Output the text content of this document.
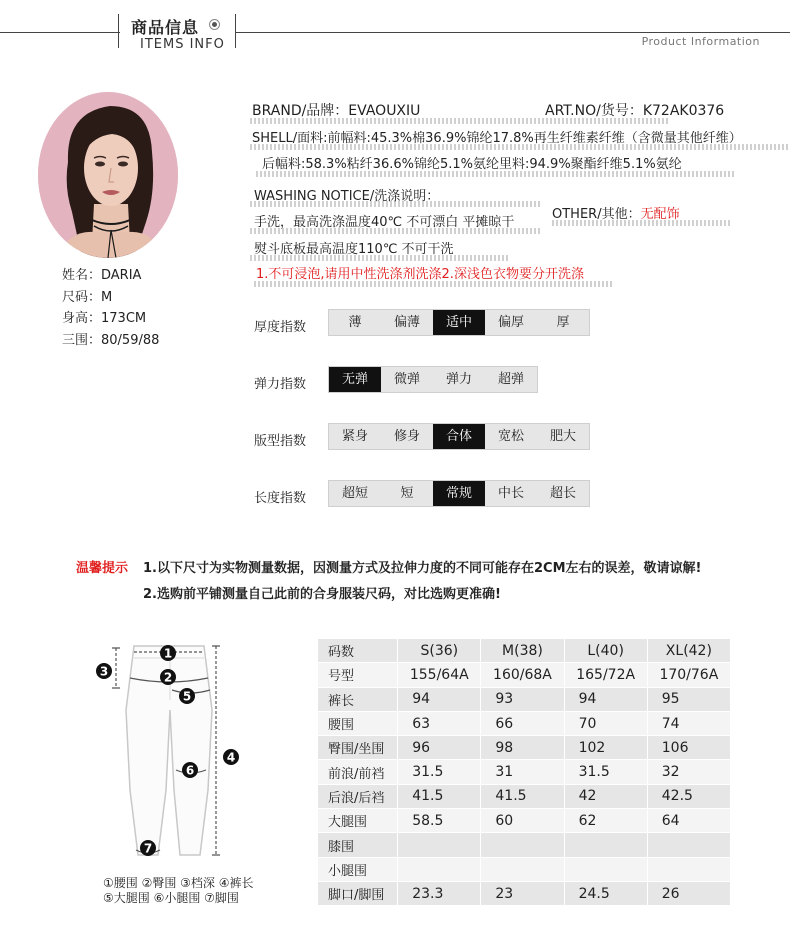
商品信息
ITEMS INFO	Product Information
姓名：DARIA
尺码：M
身高：173CM
三围：80/59/88
BRAND/品牌：EVAOUXIU	ART.NO/货号：K72AK0376
SHELL/面料:前幅料:45.3%棉36.9%锦纶17.8%再生纤维素纤维（含微量其他纤维）
后幅料:58.3%粘纤36.6%锦纶5.1%氨纶里料:94.9%聚酯纤维5.1%氨纶
WASHING NOTICE/洗涤说明：
手洗，最高洗涤温度40℃ 不可漂白 平摊晾干
OTHER/其他：无配饰
熨斗底板最高温度110℃ 不可干洗
1.不可浸泡,请用中性洗涤剂洗涤2.深浅色衣物要分开洗涤
厚度指数	薄	偏薄	适中	偏厚	厚
弹力指数	无弹	微弹	弹力	超弹
版型指数	紧身	修身	合体	宽松	肥大
长度指数	超短	短	常规	中长	超长
温馨提示 1.以下尺寸为实物测量数据，因测量方式及拉伸力度的不同可能存在2CM左右的误差，敬请谅解!
2.选购前平铺测量自己此前的合身服装尺码，对比选购更准确!
1
2
3
4
5
6
7
①腰围 ②臀围 ③档深 ④裤长
⑤大腿围 ⑥小腿围 ⑦脚围
码数	S(36)	M(38)	L(40)	XL(42)
号型	155/64A	160/68A	165/72A	170/76A
裤长	94	93	94	95
腰围	63	66	70	74
臀围/坐围	96	98	102	106
前浪/前裆	31.5	31	31.5	32
后浪/后裆	41.5	41.5	42	42.5
大腿围	58.5	60	62	64
膝围				
小腿围				
脚口/脚围	23.3	23	24.5	26
